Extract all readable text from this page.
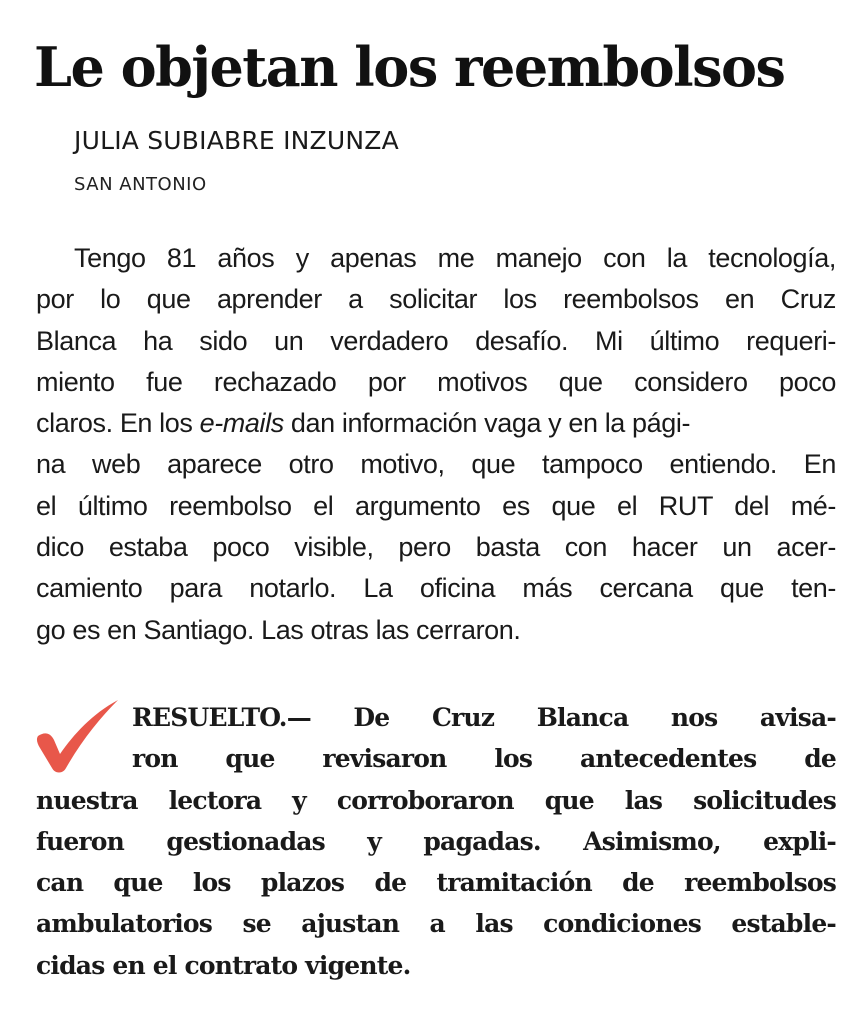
Le objetan los reembolsos
JULIA SUBIABRE INZUNZA
SAN ANTONIO
Tengo 81 años y apenas me manejo con la tecnología,
por lo que aprender a solicitar los reembolsos en Cruz
Blanca ha sido un verdadero desafío. Mi último requeri-
miento fue rechazado por motivos que considero poco
claros. En los e-mails dan información vaga y en la pági-
na web aparece otro motivo, que tampoco entiendo. En
el último reembolso el argumento es que el RUT del mé-
dico estaba poco visible, pero basta con hacer un acer-
camiento para notarlo. La oficina más cercana que ten-
go es en Santiago. Las otras las cerraron.
RESUELTO.— De Cruz Blanca nos avisa-
ron que revisaron los antecedentes de
nuestra lectora y corroboraron que las solicitudes
fueron gestionadas y pagadas. Asimismo, expli-
can que los plazos de tramitación de reembolsos
ambulatorios se ajustan a las condiciones estable-
cidas en el contrato vigente.
